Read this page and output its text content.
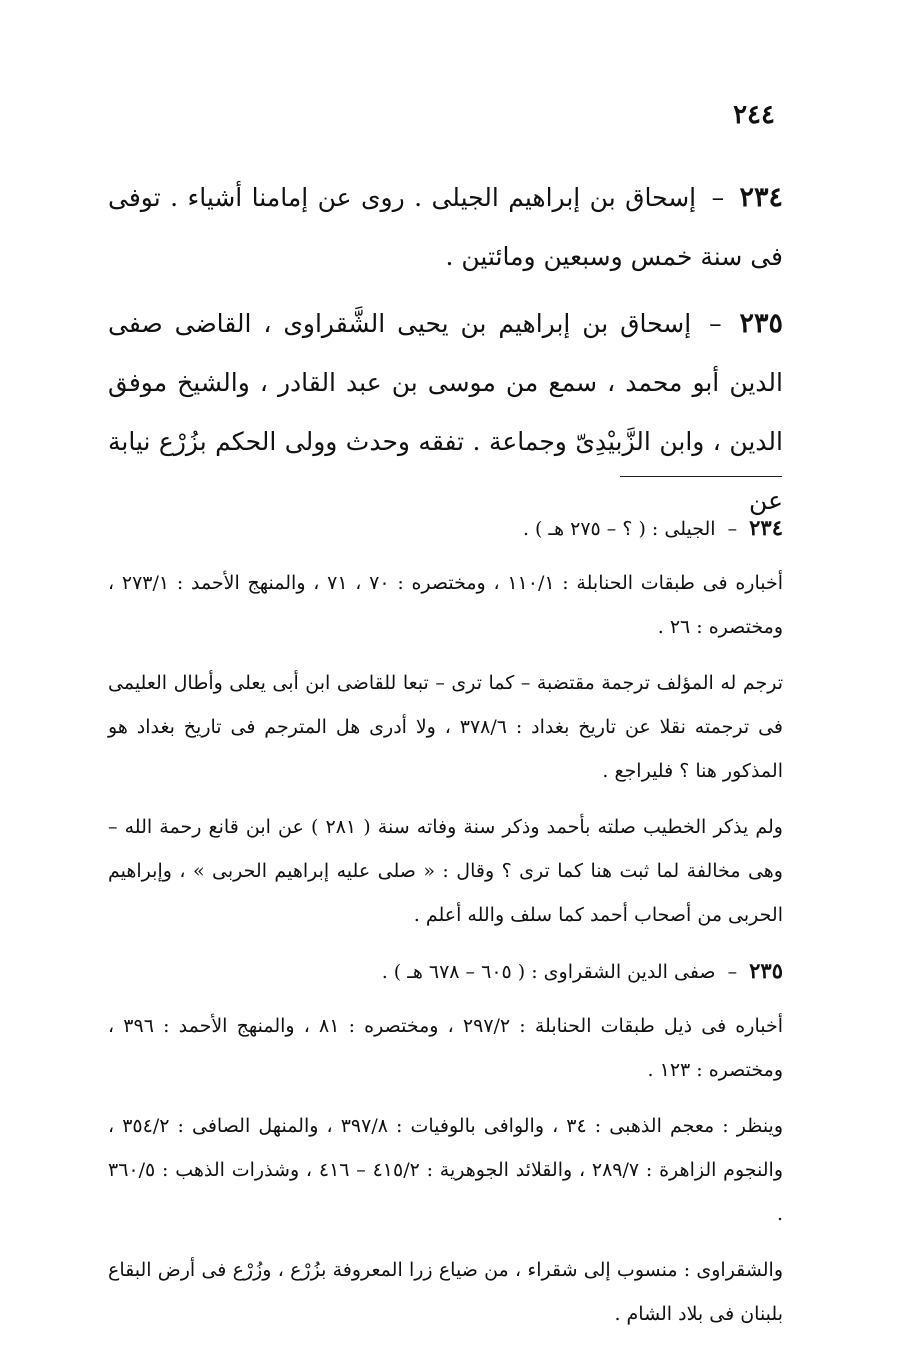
٢٤٤

٢٣٤ – إسحاق بن إبراهيم الجيلى . روى عن إمامنا أشياء . توفى فى سنة خمس وسبعين ومائتين .

٢٣٥ – إسحاق بن إبراهيم بن يحيى الشَّقراوى ، القاضى صفى الدين أبو محمد ، سمع من موسى بن عبد القادر ، والشيخ موفق الدين ، وابن الزَّبيْدِىّ وجماعة . تفقه وحدث وولى الحكم بزُرْع نيابة عن

٢٣٤ – الجيلى : ( ؟ – ٢٧٥ هـ ) .

أخباره فى طبقات الحنابلة : ١١٠/١ ، ومختصره : ٧٠ ، ٧١ ، والمنهج الأحمد : ٢٧٣/١ ، ومختصره : ٢٦ .

ترجم له المؤلف ترجمة مقتضبة – كما ترى – تبعا للقاضى ابن أبى يعلى وأطال العليمى فى ترجمته نقلا عن تاريخ بغداد : ٣٧٨/٦ ، ولا أدرى هل المترجم فى تاريخ بغداد هو المذكور هنا ؟ فليراجع .

ولم يذكر الخطيب صلته بأحمد وذكر سنة وفاته سنة ( ٢٨١ ) عن ابن قانع رحمة الله – وهى مخالفة لما ثبت هنا كما ترى ؟ وقال : « صلى عليه إبراهيم الحربى » ، وإبراهيم الحربى من أصحاب أحمد كما سلف والله أعلم .

٢٣٥ – صفى الدين الشقراوى : ( ٦٠٥ – ٦٧٨ هـ ) .

أخباره فى ذيل طبقات الحنابلة : ٢٩٧/٢ ، ومختصره : ٨١ ، والمنهج الأحمد : ٣٩٦ ، ومختصره : ١٢٣ .

وينظر : معجم الذهبى : ٣٤ ، والوافى بالوفيات : ٣٩٧/٨ ، والمنهل الصافى : ٣٥٤/٢ ، والنجوم الزاهرة : ٢٨٩/٧ ، والقلائد الجوهرية : ٤١٥/٢ – ٤١٦ ، وشذرات الذهب : ٣٦٠/٥ .

والشقراوى : منسوب إلى شقراء ، من ضياع زرا المعروفة بزُرْع ، وزُرْع فى أرض البقاع بلبنان فى بلاد الشام .
